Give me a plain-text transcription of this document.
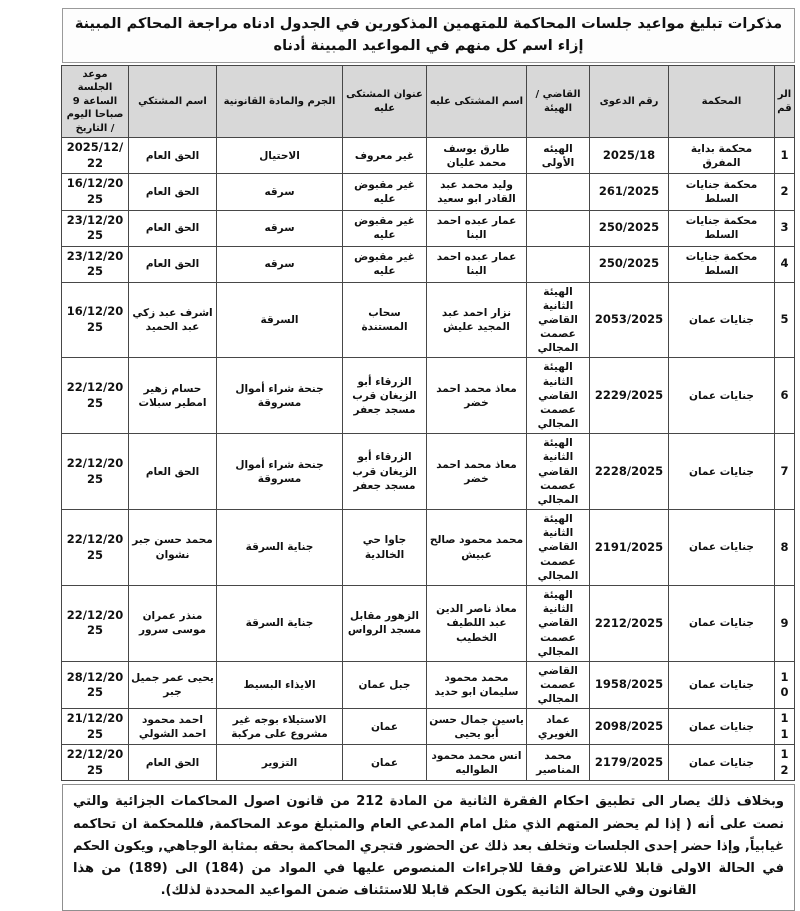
مذكرات تبليغ مواعيد جلسات المحاكمة للمتهمين المذكورين في الجدول ادناه مراجعة المحاكم المبينة إزاء اسم كل منهم في المواعيد المبينة أدناه
الرقم	المحكمة	رقم الدعوى	القاضي / الهيئة	اسم المشتكى عليه	عنوان المشتكى عليه	الجرم والمادة القانونية	اسم المشتكي	موعد الجلسة الساعة 9 صباحا اليوم / التاريخ
1	محكمة بداية المفرق	2025/18	الهيئه الأولى	طارق يوسف محمد عليان	غير معروف	الاحتيال	الحق العام	2025/12/22
2	محكمة جنايات السلط	261/2025		وليد محمد عبد القادر ابو سعيد	غير مقبوض عليه	سرقه	الحق العام	16/12/2025
3	محكمة جنايات السلط	250/2025		عمار عبده احمد البنا	غير مقبوض عليه	سرقه	الحق العام	23/12/2025
4	محكمة جنايات السلط	250/2025		عمار عبده احمد البنا	غير مقبوض عليه	سرقه	الحق العام	23/12/2025
5	جنايات عمان	2053/2025	الهيئة الثانية القاضي عصمت المجالي	نزار احمد عبد المجيد عليش	سحاب المستندة	السرقة	اشرف عبد زكي عبد الحميد	16/12/2025
6	جنايات عمان	2229/2025	الهيئة الثانية القاضي عصمت المجالي	معاذ محمد احمد خضر	الزرقاء أبو الزيغان قرب مسجد جعفر	جنحة شراء أموال مسروقة	حسام زهير امطير سبلات	22/12/2025
7	جنايات عمان	2228/2025	الهيئة الثانية القاضي عصمت المجالي	معاذ محمد احمد خضر	الزرقاء أبو الزيغان قرب مسجد جعفر	جنحة شراء أموال مسروقة	الحق العام	22/12/2025
8	جنايات عمان	2191/2025	الهيئة الثانية القاضي عصمت المجالي	محمد محمود صالح عبيش	جاوا حي الخالدية	جناية السرقة	محمد حسن جبر نشوان	22/12/2025
9	جنايات عمان	2212/2025	الهيئة الثانية القاضي عصمت المجالي	معاذ ناصر الدين عبد اللطيف الخطيب	الزهور مقابل مسجد الرواس	جناية السرقة	منذر عمران موسى سرور	22/12/2025
10	جنايات عمان	1958/2025	القاضي عصمت المجالي	محمد محمود سليمان ابو حديد	جبل عمان	الايذاء البسيط	يحيى عمر جميل جبر	28/12/2025
11	جنايات عمان	2098/2025	عماد الغويري	ياسين جمال حسن أبو يحيى	عمان	الاستيلاء بوجه غير مشروع على مركبة	احمد محمود احمد الشولي	21/12/2025
12	جنايات عمان	2179/2025	محمد المناصير	انس محمد محمود الطواليه	عمان	التزوير	الحق العام	22/12/2025
وبخلاف ذلك يصار الى تطبيق احكام الفقرة الثانية من المادة 212 من قانون اصول المحاكمات الجزائية والتي نصت على أنه ( إذا لم يحضر المتهم الذي مثل امام المدعي العام والمتبلغ موعد المحاكمة, فللمحكمة ان تحاكمه غيابياً, وإذا حضر إحدى الجلسات وتخلف بعد ذلك عن الحضور فتجري المحاكمة بحقه بمثابة الوجاهي, ويكون الحكم في الحالة الاولى قابلا للاعتراض وفقا للاجراءات المنصوص عليها في المواد من (184) الى (189) من هذا القانون وفي الحالة الثانية يكون الحكم قابلا للاستئناف ضمن المواعيد المحددة لذلك).
